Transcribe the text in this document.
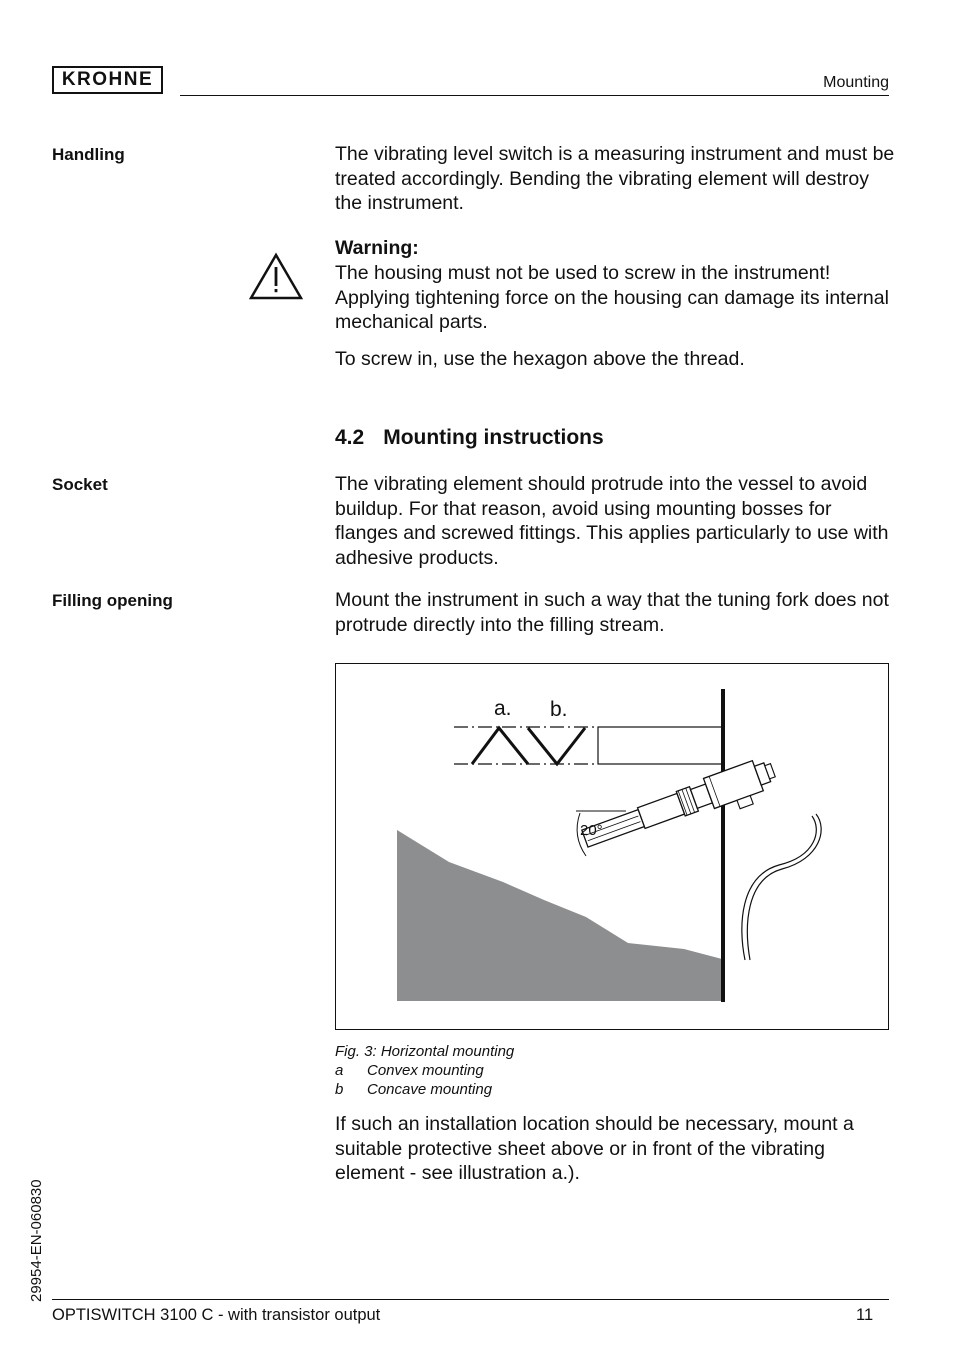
KROHNE	Mounting
Handling	The vibrating level switch is a measuring instrument and must be treated accordingly. Bending the vibrating element will destroy the instrument.
Warning:
The housing must not be used to screw in the instrument! Applying tightening force on the housing can damage its internal mechanical parts.
To screw in, use the hexagon above the thread.
4.2 Mounting instructions
Socket	The vibrating element should protrude into the vessel to avoid buildup. For that reason, avoid using mounting bosses for flanges and screwed fittings. This applies particularly to use with adhesive products.
Filling opening	Mount the instrument in such a way that the tuning fork does not protrude directly into the filling stream.
a. b.
20°
Fig. 3: Horizontal mounting
a Convex mounting
b Concave mounting
If such an installation location should be necessary, mount a suitable protective sheet above or in front of the vibrating element - see illustration a.).
29954-EN-060830
OPTISWITCH 3100 C - with transistor output	11
